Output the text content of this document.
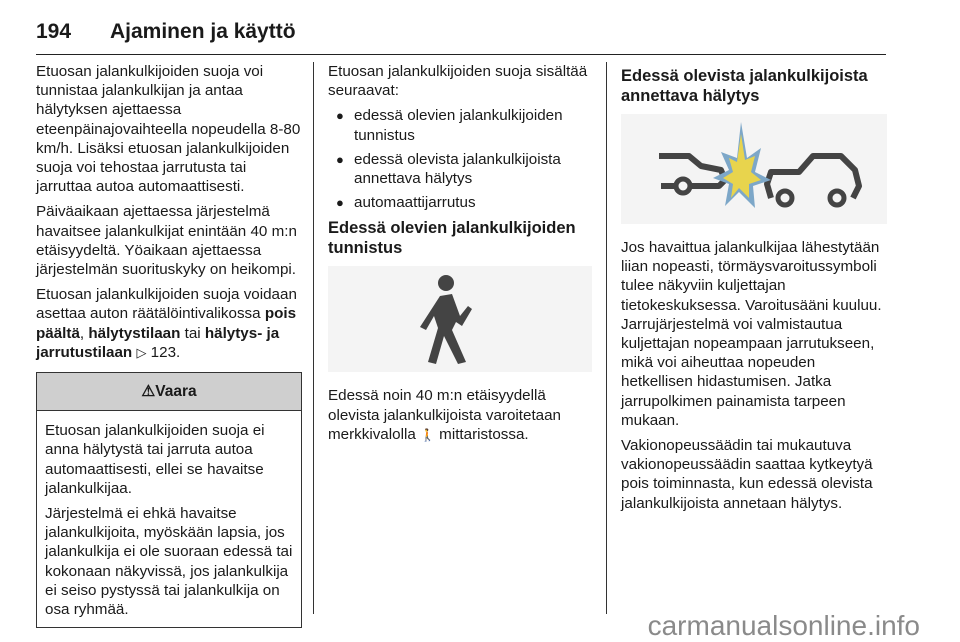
194 Ajaminen ja käyttö

Etuosan jalankulkijoiden suoja voi tunnistaa jalankulkijan ja antaa hälytyksen ajettaessa eteenpäinajovaihteella nopeudella 8-80 km/h. Lisäksi etuosan jalankulkijoiden suoja voi tehostaa jarrutusta tai jarruttaa autoa automaattisesti.

Päiväaikaan ajettaessa järjestelmä havaitsee jalankulkijat enintään 40 m:n etäisyydeltä. Yöaikaan ajettaessa järjestelmän suorituskyky on heikompi.

Etuosan jalankulkijoiden suoja voidaan asettaa auton räätälöintivalikossa pois päältä, hälytystilaan tai hälytys- ja jarrutustilaan ▷ 123.

⚠Vaara

Etuosan jalankulkijoiden suoja ei anna hälytystä tai jarruta autoa automaattisesti, ellei se havaitse jalankulkijaa.

Järjestelmä ei ehkä havaitse jalankulkijoita, myöskään lapsia, jos jalankulkija ei ole suoraan edessä tai kokonaan näkyvissä, jos jalankulkija ei seiso pystyssä tai jalankulkija on osa ryhmää.

Etuosan jalankulkijoiden suoja sisältää seuraavat:

● edessä olevien jalankulkijoiden tunnistus
● edessä olevista jalankulkijoista annettava hälytys
● automaattijarrutus
Edessä olevien jalankulkijoiden tunnistus

Edessä noin 40 m:n etäisyydellä olevista jalankulkijoista varoitetaan merkkivalolla 🚶 mittaristossa.

Edessä olevista jalankulkijoista annettava hälytys

Jos havaittua jalankulkijaa lähestytään liian nopeasti, törmäysvaroitussymboli tulee näkyviin kuljettajan tietokeskuksessa. Varoitusääni kuuluu. Jarrujärjestelmä voi valmistautua kuljettajan nopeampaan jarrutukseen, mikä voi aiheuttaa nopeuden hetkellisen hidastumisen. Jatka jarrupolkimen painamista tarpeen mukaan.

Vakionopeussäädin tai mukautuva vakionopeussäädin saattaa kytkeytyä pois toiminnasta, kun edessä olevista jalankulkijoista annetaan hälytys.

carmanualsonline.info
